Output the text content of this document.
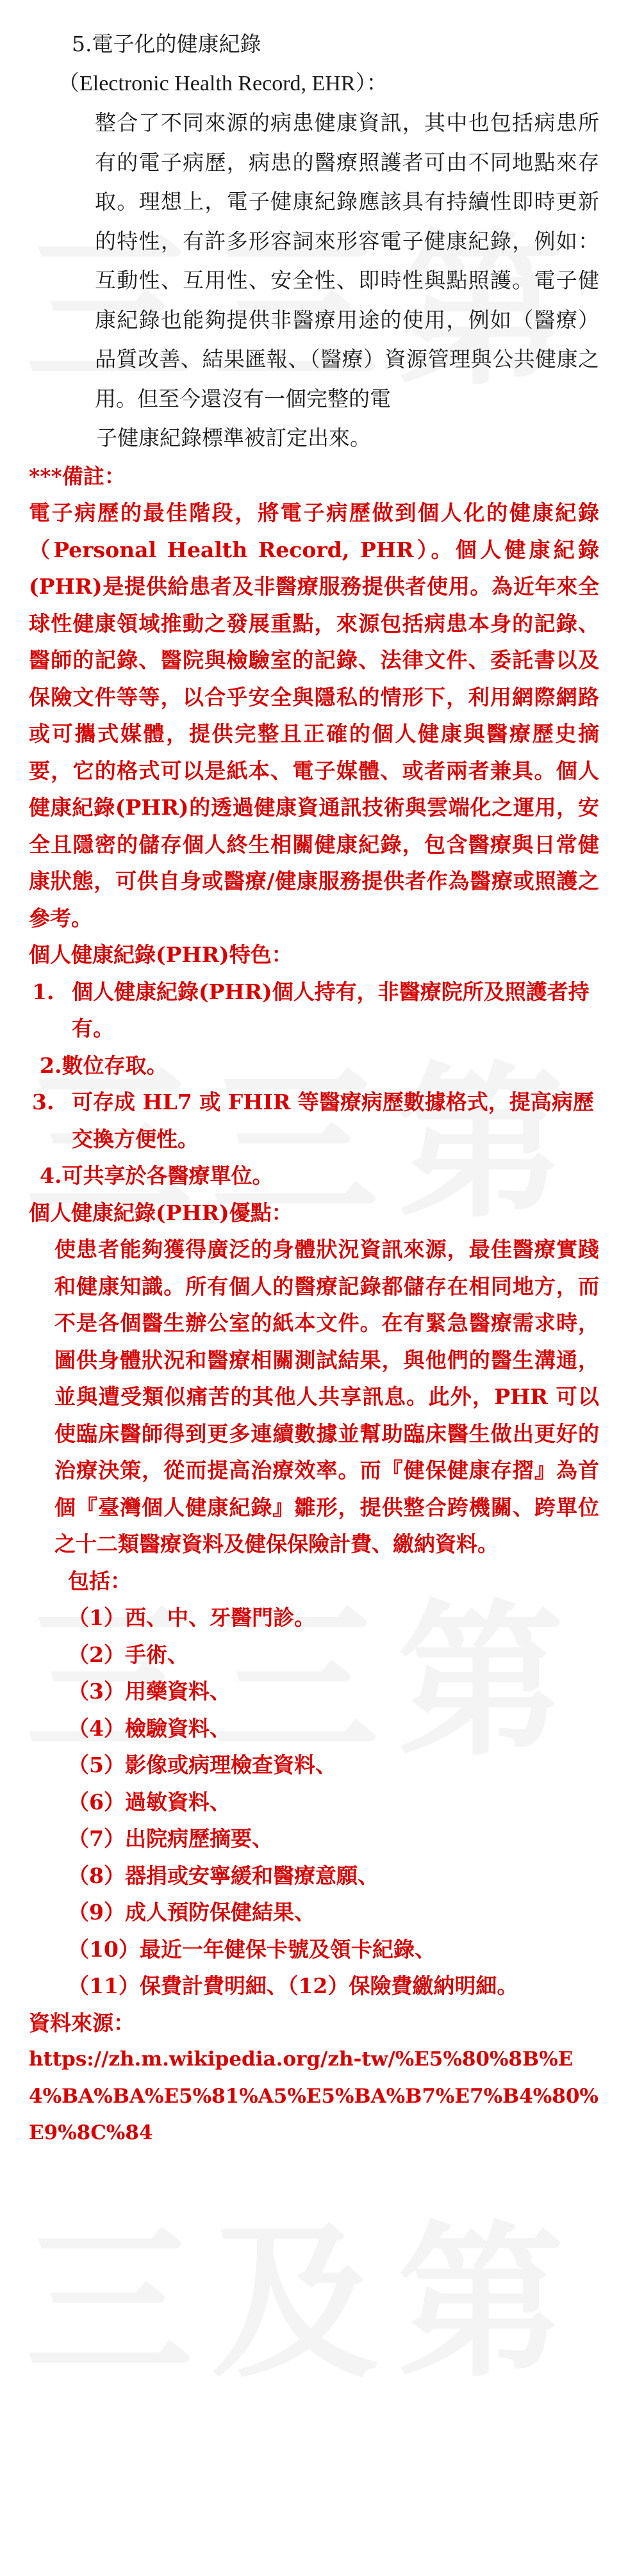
5.電子化的健康紀錄
（Electronic Health Record, EHR）：
整合了不同來源的病患健康資訊，其中也包括病患所有的電子病歷，病患的醫療照護者可由不同地點來存取。理想上，電子健康紀錄應該具有持續性即時更新的特性，有許多形容詞來形容電子健康紀錄，例如：互動性、互用性、安全性、即時性與點照護。電子健康紀錄也能夠提供非醫療用途的使用，例如（醫療）品質改善、結果匯報、（醫療）資源管理與公共健康之用。但至今還沒有一個完整的電
子健康紀錄標準被訂定出來。
***備註：
電子病歷的最佳階段，將電子病歷做到個人化的健康紀錄（Personal Health Record, PHR）。個人健康紀錄(PHR)是提供給患者及非醫療服務提供者使用。為近年來全球性健康領域推動之發展重點，來源包括病患本身的記錄、醫師的記錄、醫院與檢驗室的記錄、法律文件、委託書以及保險文件等等，以合乎安全與隱私的情形下，利用網際網路或可攜式媒體，提供完整且正確的個人健康與醫療歷史摘要，它的格式可以是紙本、電子媒體、或者兩者兼具。個人健康紀錄(PHR)的透過健康資通訊技術與雲端化之運用，安全且隱密的儲存個人終生相關健康紀錄，包含醫療與日常健康狀態，可供自身或醫療/健康服務提供者作為醫療或照護之參考。
個人健康紀錄(PHR)特色：
1. 個人健康紀錄(PHR)個人持有，非醫療院所及照護者持有。
2.數位存取。
3. 可存成 HL7 或 FHIR 等醫療病歷數據格式，提高病歷交換方便性。
4.可共享於各醫療單位。
個人健康紀錄(PHR)優點：
使患者能夠獲得廣泛的身體狀況資訊來源，最佳醫療實踐和健康知識。所有個人的醫療記錄都儲存在相同地方，而不是各個醫生辦公室的紙本文件。在有緊急醫療需求時，圖供身體狀況和醫療相關測試結果，與他們的醫生溝通，並與遭受類似痛苦的其他人共享訊息。此外，PHR 可以使臨床醫師得到更多連續數據並幫助臨床醫生做出更好的治療決策，從而提高治療效率。而『健保健康存摺』為首個『臺灣個人健康紀錄』雛形，提供整合跨機關、跨單位之十二類醫療資料及健保保險計費、繳納資料。
包括：
（1）西、中、牙醫門診。
（2）手術、
（3）用藥資料、
（4）檢驗資料、
（5）影像或病理檢查資料、
（6）過敏資料、
（7）出院病歷摘要、
（8）器捐或安寧緩和醫療意願、
（9）成人預防保健結果、
（10）最近一年健保卡號及領卡紀錄、
（11）保費計費明細、（12）保險費繳納明細。
資料來源：
https://zh.m.wikipedia.org/zh-tw/%E5%80%8B%E4%BA%BA%E5%81%A5%E5%BA%B7%E7%B4%80%E9%8C%84
